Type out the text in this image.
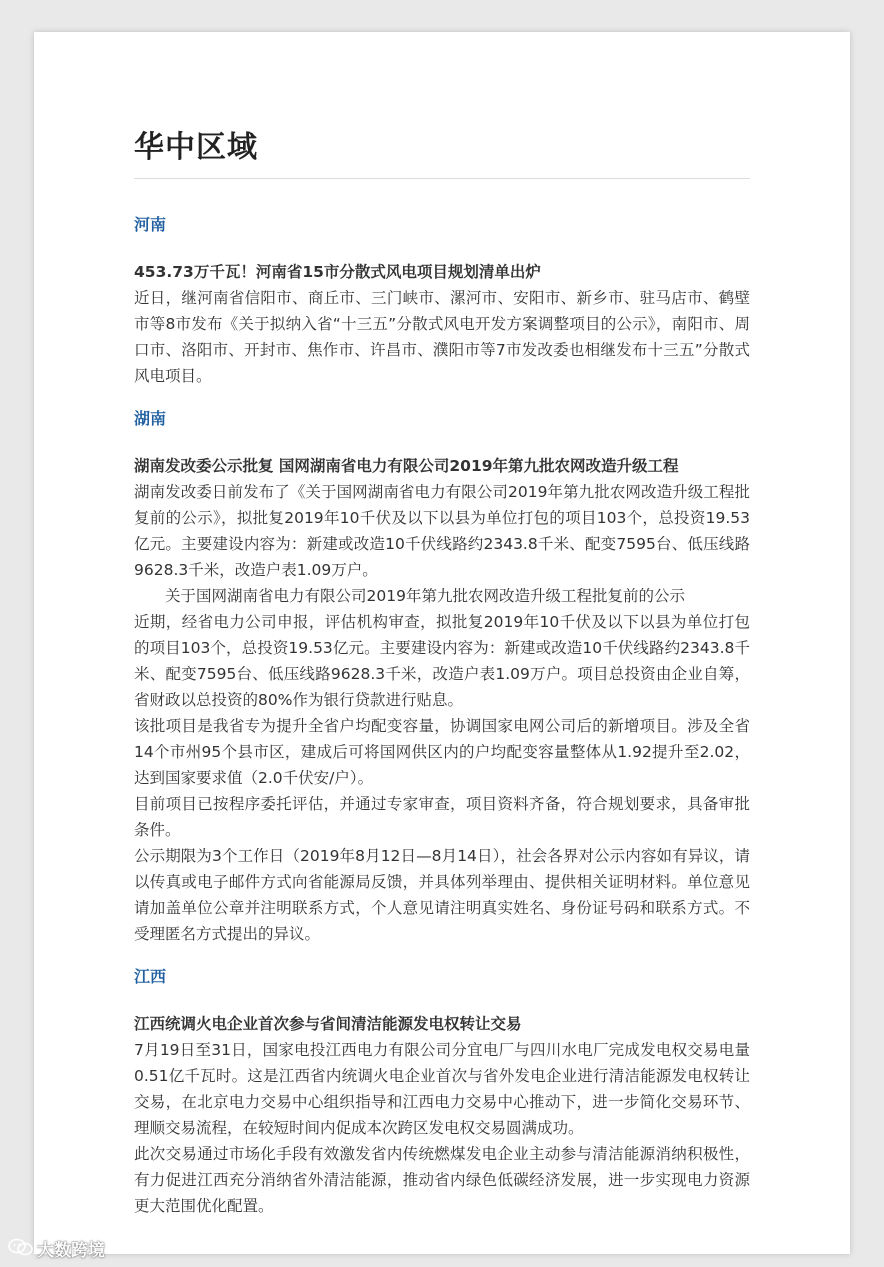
华中区域
河南
453.73万千瓦！河南省15市分散式风电项目规划清单出炉

近日，继河南省信阳市、商丘市、三门峡市、漯河市、安阳市、新乡市、驻马店市、鹤壁市等8市发布《关于拟纳入省“十三五”分散式风电开发方案调整项目的公示》，南阳市、周口市、洛阳市、开封市、焦作市、许昌市、濮阳市等7市发改委也相继发布十三五”分散式风电项目。

湖南
湖南发改委公示批复 国网湖南省电力有限公司2019年第九批农网改造升级工程

湖南发改委日前发布了《关于国网湖南省电力有限公司2019年第九批农网改造升级工程批复前的公示》，拟批复2019年10千伏及以下以县为单位打包的项目103个，总投资19.53亿元。主要建设内容为：新建或改造10千伏线路约2343.8千米、配变7595台、低压线路9628.3千米，改造户表1.09万户。

关于国网湖南省电力有限公司2019年第九批农网改造升级工程批复前的公示

近期，经省电力公司申报，评估机构审查，拟批复2019年10千伏及以下以县为单位打包的项目103个，总投资19.53亿元。主要建设内容为：新建或改造10千伏线路约2343.8千米、配变7595台、低压线路9628.3千米，改造户表1.09万户。项目总投资由企业自筹，省财政以总投资的80%作为银行贷款进行贴息。

该批项目是我省专为提升全省户均配变容量，协调国家电网公司后的新增项目。涉及全省14个市州95个县市区，建成后可将国网供区内的户均配变容量整体从1.92提升至2.02，达到国家要求值（2.0千伏安/户）。

目前项目已按程序委托评估，并通过专家审查，项目资料齐备，符合规划要求，具备审批条件。

公示期限为3个工作日（2019年8月12日—8月14日），社会各界对公示内容如有异议，请以传真或电子邮件方式向省能源局反馈，并具体列举理由、提供相关证明材料。单位意见请加盖单位公章并注明联系方式，个人意见请注明真实姓名、身份证号码和联系方式。不受理匿名方式提出的异议。

江西
江西统调火电企业首次参与省间清洁能源发电权转让交易

7月19日至31日，国家电投江西电力有限公司分宜电厂与四川水电厂完成发电权交易电量0.51亿千瓦时。这是江西省内统调火电企业首次与省外发电企业进行清洁能源发电权转让交易，在北京电力交易中心组织指导和江西电力交易中心推动下，进一步简化交易环节、理顺交易流程，在较短时间内促成本次跨区发电权交易圆满成功。

此次交易通过市场化手段有效激发省内传统燃煤发电企业主动参与清洁能源消纳积极性，有力促进江西充分消纳省外清洁能源，推动省内绿色低碳经济发展，进一步实现电力资源更大范围优化配置。

大数跨境
